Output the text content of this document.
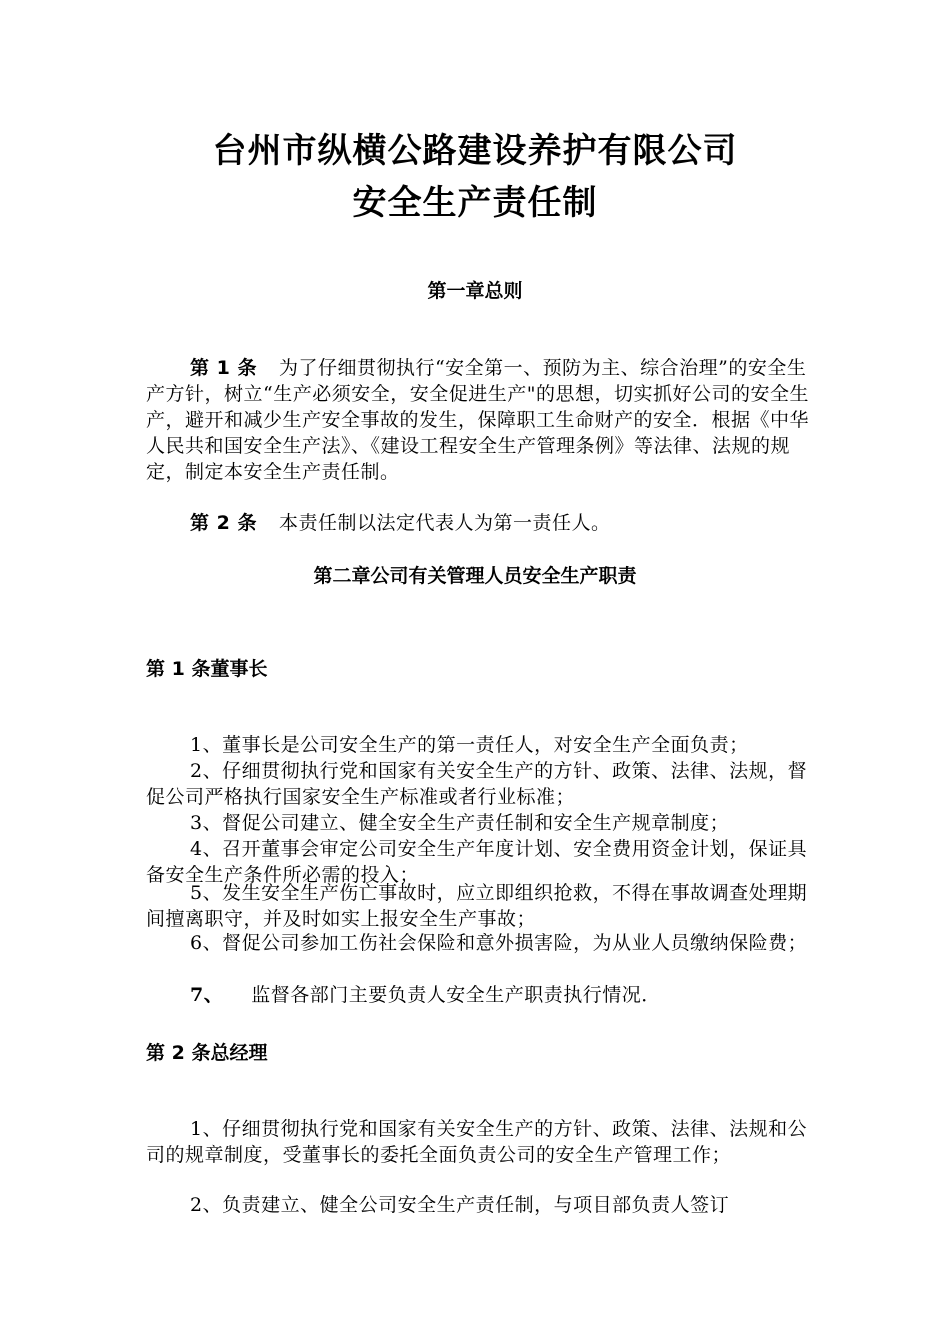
台州市纵横公路建设养护有限公司
安全生产责任制
第一章总则

第 1 条 为了仔细贯彻执行“安全第一、预防为主、综合治理”的安全生产方针，树立“生产必须安全，安全促进生产"的思想，切实抓好公司的安全生产，避开和减少生产安全事故的发生，保障职工生命财产的安全．根据《中华人民共和国安全生产法》、《建设工程安全生产管理条例》等法律、法规的规定，制定本安全生产责任制。

第 2 条 本责任制以法定代表人为第一责任人。

第二章公司有关管理人员安全生产职责
第 1 条董事长

1、董事长是公司安全生产的第一责任人，对安全生产全面负责；

2、仔细贯彻执行党和国家有关安全生产的方针、政策、法律、法规，督促公司严格执行国家安全生产标准或者行业标准；

3、督促公司建立、健全安全生产责任制和安全生产规章制度；

4、召开董事会审定公司安全生产年度计划、安全费用资金计划，保证具备安全生产条件所必需的投入；

5、发生安全生产伤亡事故时，应立即组织抢救，不得在事故调查处理期间擅离职守，并及时如实上报安全生产事故；

6、督促公司参加工伤社会保险和意外损害险，为从业人员缴纳保险费；

7、 监督各部门主要负责人安全生产职责执行情况．

第 2 条总经理

1、仔细贯彻执行党和国家有关安全生产的方针、政策、法律、法规和公司的规章制度，受董事长的委托全面负责公司的安全生产管理工作；

2、负责建立、健全公司安全生产责任制，与项目部负责人签订
